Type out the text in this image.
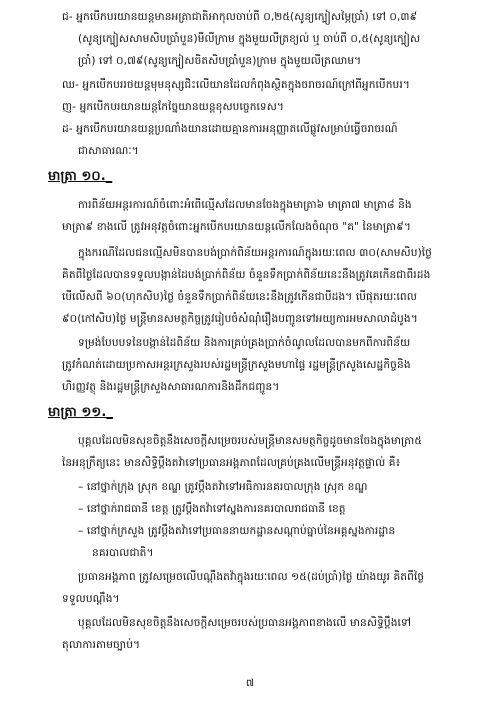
ជ- អ្នកបើកបរយានយន្តមានអត្រាជាតិអាកុលចាប់ពី ០,២៥(សូន្យក្បៀសម្ភៃប្រាំ) ទៅ ០,៣៩
(សូន្យក្បៀសសាមសិបប្រាំបួន)មីលីក្រាម ក្នុងមួយលីត្រខ្យល់ ឬ ចាប់ពី ០,៥(សូន្យក្បៀស
ប្រាំ) ទៅ ០,៧៩(សូន្យក្បៀសចិតសិបប្រាំបួន)ក្រាម ក្នុងមួយលីត្រឈាម។
ឈ- អ្នកបើកបររថយន្តមុមនុស្សជិះលើយានដែលកំពុងស្ថិតក្នុងចរាចរណ៍ក្រៅពីអ្នកបើកបរ។
ញ- អ្នកបើកបរយានយន្តកែច្នៃយានយន្តខុសបច្ចេកទេស។
ដ- អ្នកបើកបរយានយន្តប្រណាំងយានដោយគ្មានការអនុញ្ញាតលើផ្លូវសម្រាប់ធ្វើចរាចរណ៍
ជាសាធារណៈ។
មាត្រា ១០._
ការពិន័យអន្តរការណ៍ចំពោះអំពើល្មើសដែលមានចែងក្នុងមាត្រា៦ មាត្រា៧ មាត្រា៨ និង
មាត្រា៩ ខាងលើ ត្រូវអនុវត្តចំពោះអ្នកបើកបរយានយន្តលើកលែងចំណុច "គ" នៃមាត្រា៩។
ក្នុងករណីដែលជនល្មើសមិនបានបង់ប្រាក់ពិន័យអន្តរការណ៍ក្នុងរយៈពេល ៣០(សាមសិប)ថ្ងៃ
គិតពីថ្ងៃដែលបានទទួលបង្កាន់ដៃបង់ប្រាក់ពិន័យ ចំនួនទឹកប្រាក់ពិន័យនេះនឹងត្រូវគេកើនជាពីរដង
បើលើសពី ៦០(ហុកសិប)ថ្ងៃ ចំនួនទឹកប្រាក់ពិន័យនេះនឹងត្រូវកើនជាបីដង។ បើផុតរយៈពេល
៩០(កៅសិប)ថ្ងៃ មន្ត្រីមានសមត្ថកិច្ចត្រូវរៀបចំសំណុំរឿងបញ្ជូនទៅអយ្យការអមសាលាដំបូង។
ទម្រង់បែបបទនៃបង្កាន់ដៃពិន័យ និងការគ្រប់គ្រងប្រាក់ចំណូលដែលបានមកពីការពិន័យ
ត្រូវកំណត់ដោយប្រកាសអន្តរក្រសួងរបស់រដ្ឋមន្ត្រីក្រសួងមហាផ្ទៃ រដ្ឋមន្ត្រីក្រសួងសេដ្ឋកិច្ចនិង
ហិរញ្ញវត្ថុ និងរដ្ឋមន្ត្រីក្រសួងសាធារណការនិងដឹកជញ្ជូន។
មាត្រា ១១._
បុគ្គលដែលមិនសុខចិត្តនឹងសេចក្តីសម្រេចរបស់មន្ត្រីមានសមត្ថកិច្ចដូចមានចែងក្នុងមាត្រា៥
នៃអនុក្រឹត្យនេះ មានសិទ្ធិប្តឹងតវ៉ាទៅប្រធានអង្គភាពដែលគ្រប់គ្រងលើមន្ត្រីអនុវត្តផ្ទាល់ គឺ៖
– នៅថ្នាក់ក្រុង ស្រុក ខណ្ឌ ត្រូវប្តឹងតវ៉ាទៅអធិការនគរបាលក្រុង ស្រុក ខណ្ឌ
– នៅថ្នាក់រាជធានី ខេត្ត ត្រូវប្តឹងតវ៉ាទៅស្នងការនគរបាលរាជធានី ខេត្ត
– នៅថ្នាក់ក្រសួង ត្រូវប្តឹងតវ៉ាទៅប្រធាននាយកដ្ឋានសណ្តាប់ធ្នាប់នៃអគ្គស្នងការដ្ឋាន
នគរបាលជាតិ។
ប្រធានអង្គភាព ត្រូវសម្រេចលើបណ្តឹងតវ៉ាក្នុងរយៈពេល ១៥(ដប់ប្រាំ)ថ្ងៃ យ៉ាងយូរ គិតពីថ្ងៃ
ទទួលបណ្តឹង។
បុគ្គលដែលមិនសុខចិត្តនឹងសេចក្តីសម្រេចរបស់ប្រធានអង្គភាពខាងលើ មានសិទ្ធិប្តឹងទៅ
តុលាការតាមច្បាប់។
៧
